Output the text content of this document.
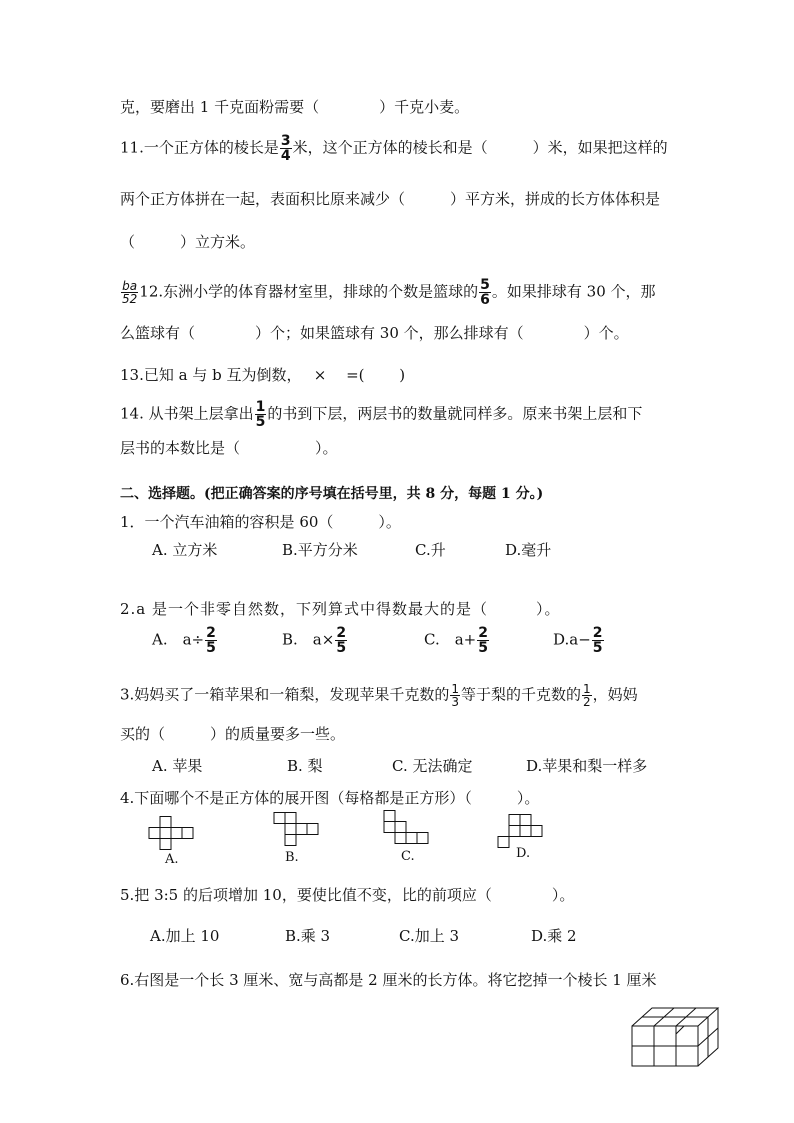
克，要磨出 1 千克面粉需要（　　　　）千克小麦。
11.一个正方体的棱长是 $\frac{3}{4}$ 米，这个正方体的棱长和是（　　　）米，如果把这样的
两个正方体拼在一起，表面积比原来减少（　　　）平方米，拼成的长方体体积是
（　　　）立方米。
$\frac{ba}{52} 12$.东洲小学的体育器材室里，排球的个数是篮球的 $\frac{5}{6}$ 。如果排球有 30 个，那
么篮球有（　　　　）个；如果篮球有 30 个，那么排球有（　　　　）个。
13.已知 a 与 b 互为倒数，　 ×　 =(　　 )
14. 从书架上层拿出 $\frac{1}{5}$ 的书到下层，两层书的数量就同样多。原来书架上层和下
层书的本数比是（　　　　　）。
二、选择题。(把正确答案的序号填在括号里，共 8 分，每题 1 分。)
1．一个汽车油箱的容积是 60（　　　）。
A. 立方米	B.平方分米	C.升	D.毫升
2.a 是一个非零自然数，下列算式中得数最大的是（　　　）。
A.　$a\div \frac{2}{5}$	B.　$a\times \frac{2}{5}$	C.　$a+ \frac{2}{5}$	$D.a- \frac{2}{5}$
3.妈妈买了一箱苹果和一箱梨，发现苹果千克数的 $\frac{1}{3}$ 等于梨的千克数的 $\frac{1}{2}$ ，妈妈
买的（　　　）的质量要多一些。
A. 苹果	B. 梨	C. 无法确定	D.苹果和梨一样多
4.下面哪个不是正方体的展开图（每格都是正方形）（　　　）。
A.	B.	C.	D.
5.把 3:5 的后项增加 10，要使比值不变，比的前项应（　　　　）。
A.加上 10	B.乘 3	C.加上 3	D.乘 2
6.右图是一个长 3 厘米、宽与高都是 2 厘米的长方体。将它挖掉一个棱长 1 厘米
